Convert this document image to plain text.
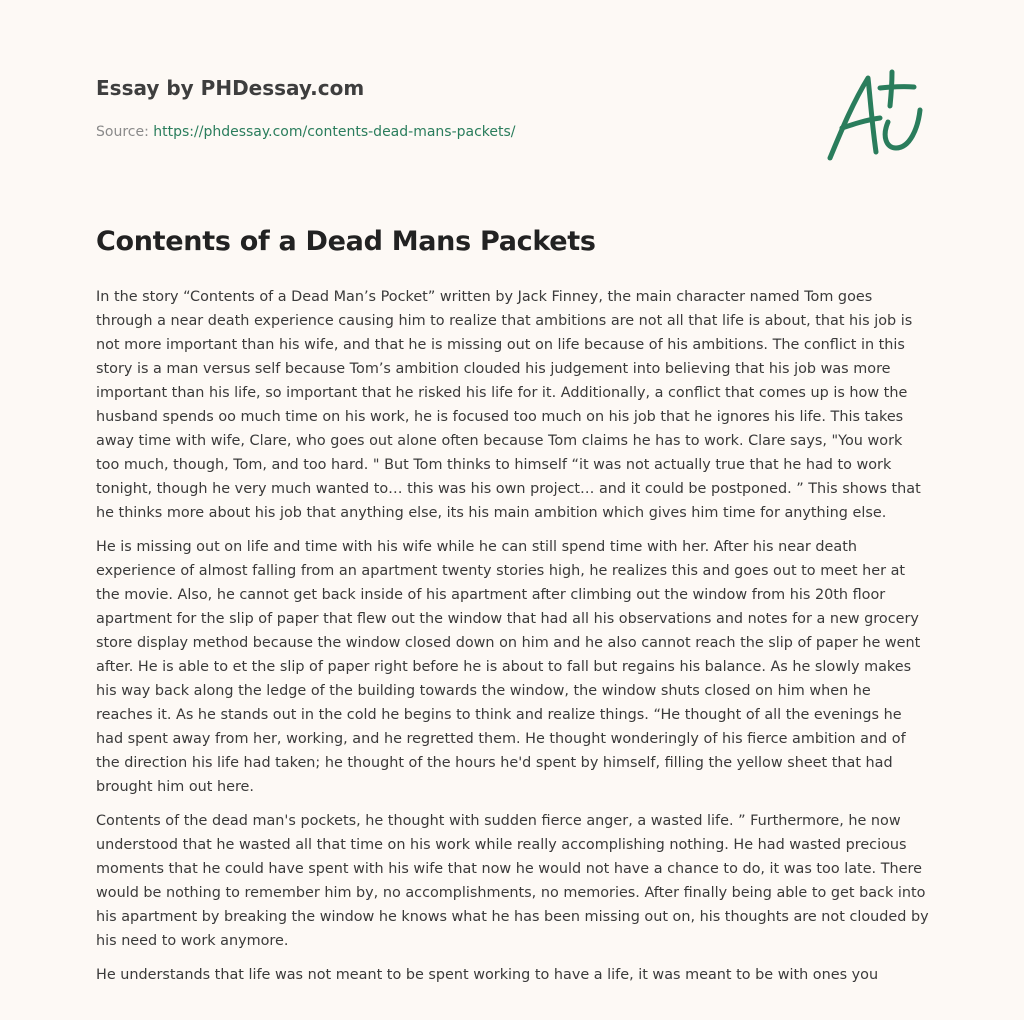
Essay by PHDessay.com
Source: https://phdessay.com/contents-dead-mans-packets/
Contents of a Dead Mans Packets

In the story “Contents of a Dead Man’s Pocket” written by Jack Finney, the main character named Tom goes through a near death experience causing him to realize that ambitions are not all that life is about, that his job is not more important than his wife, and that he is missing out on life because of his ambitions. The conflict in this story is a man versus self because Tom’s ambition clouded his judgement into believing that his job was more important than his life, so important that he risked his life for it. Additionally, a conflict that comes up is how the husband spends oo much time on his work, he is focused too much on his job that he ignores his life. This takes away time with wife, Clare, who goes out alone often because Tom claims he has to work. Clare says, "You work too much, though, Tom, and too hard. " But Tom thinks to himself “it was not actually true that he had to work tonight, though he very much wanted to… this was his own project… and it could be postponed. ” This shows that he thinks more about his job that anything else, its his main ambition which gives him time for anything else.

He is missing out on life and time with his wife while he can still spend time with her. After his near death experience of almost falling from an apartment twenty stories high, he realizes this and goes out to meet her at the movie. Also, he cannot get back inside of his apartment after climbing out the window from his 20th floor apartment for the slip of paper that flew out the window that had all his observations and notes for a new grocery store display method because the window closed down on him and he also cannot reach the slip of paper he went after. He is able to et the slip of paper right before he is about to fall but regains his balance. As he slowly makes his way back along the ledge of the building towards the window, the window shuts closed on him when he reaches it. As he stands out in the cold he begins to think and realize things. “He thought of all the evenings he had spent away from her, working, and he regretted them. He thought wonderingly of his fierce ambition and of the direction his life had taken; he thought of the hours he'd spent by himself, filling the yellow sheet that had brought him out here.

Contents of the dead man's pockets, he thought with sudden fierce anger, a wasted life. ” Furthermore, he now understood that he wasted all that time on his work while really accomplishing nothing. He had wasted precious moments that he could have spent with his wife that now he would not have a chance to do, it was too late. There would be nothing to remember him by, no accomplishments, no memories. After finally being able to get back into his apartment by breaking the window he knows what he has been missing out on, his thoughts are not clouded by his need to work anymore.

He understands that life was not meant to be spent working to have a life, it was meant to be with ones you
